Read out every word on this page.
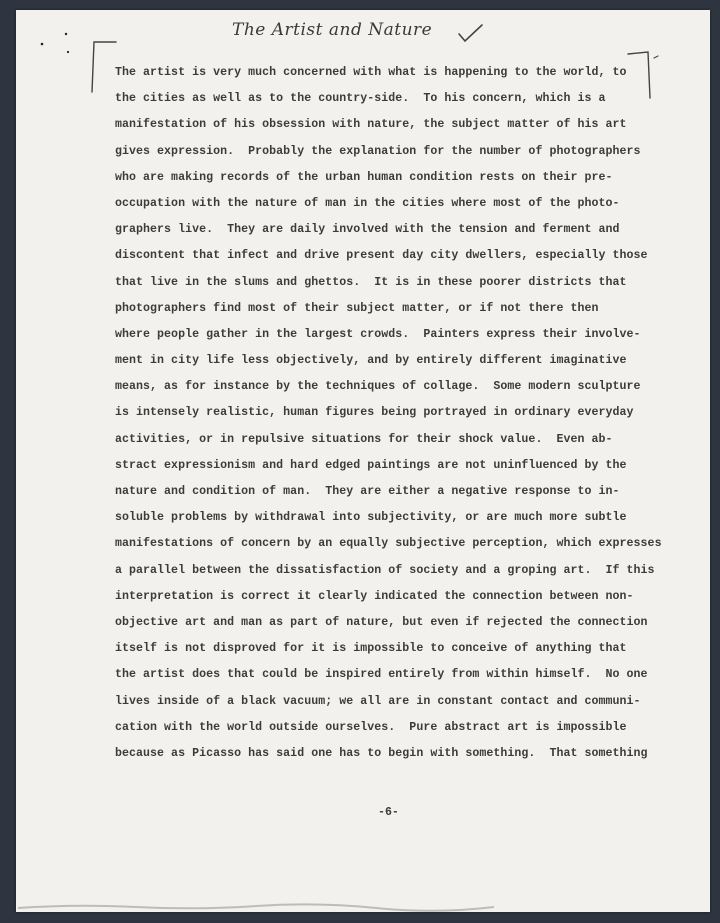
The Artist and Nature
The artist is very much concerned with what is happening to the world, to
the cities as well as to the country-side.  To his concern, which is a
manifestation of his obsession with nature, the subject matter of his art
gives expression.  Probably the explanation for the number of photographers
who are making records of the urban human condition rests on their pre-
occupation with the nature of man in the cities where most of the photo-
graphers live.  They are daily involved with the tension and ferment and
discontent that infect and drive present day city dwellers, especially those
that live in the slums and ghettos.  It is in these poorer districts that
photographers find most of their subject matter, or if not there then
where people gather in the largest crowds.  Painters express their involve-
ment in city life less objectively, and by entirely different imaginative
means, as for instance by the techniques of collage.  Some modern sculpture
is intensely realistic, human figures being portrayed in ordinary everyday
activities, or in repulsive situations for their shock value.  Even ab-
stract expressionism and hard edged paintings are not uninfluenced by the
nature and condition of man.  They are either a negative response to in-
soluble problems by withdrawal into subjectivity, or are much more subtle
manifestations of concern by an equally subjective perception, which expresses
a parallel between the dissatisfaction of society and a groping art.  If this
interpretation is correct it clearly indicated the connection between non-
objective art and man as part of nature, but even if rejected the connection
itself is not disproved for it is impossible to conceive of anything that
the artist does that could be inspired entirely from within himself.  No one
lives inside of a black vacuum; we all are in constant contact and communi-
cation with the world outside ourselves.  Pure abstract art is impossible
because as Picasso has said one has to begin with something.  That something
-6-
